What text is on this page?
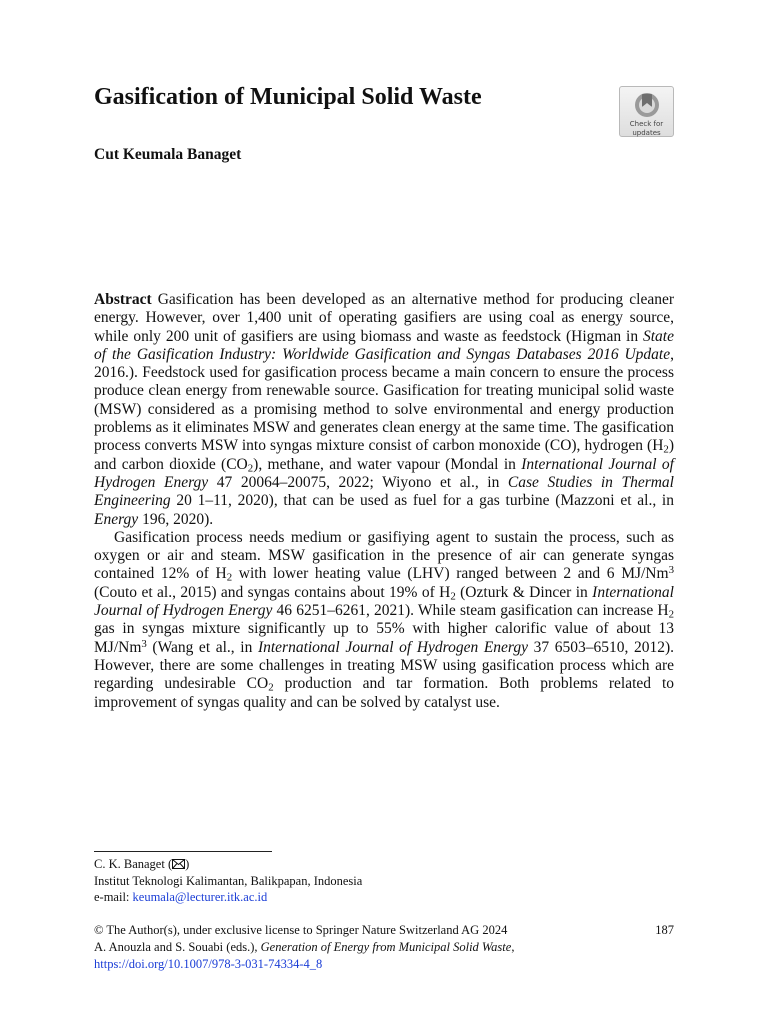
Gasification of Municipal Solid Waste
Check for
updates
Cut Keumala Banaget

Abstract Gasification has been developed as an alternative method for producing cleaner energy. However, over 1,400 unit of operating gasifiers are using coal as energy source, while only 200 unit of gasifiers are using biomass and waste as feedstock (Higman in State of the Gasification Industry: Worldwide Gasification and Syngas Databases 2016 Update, 2016.). Feedstock used for gasification process became a main concern to ensure the process produce clean energy from renewable source. Gasification for treating municipal solid waste (MSW) considered as a promising method to solve environmental and energy production problems as it eliminates MSW and generates clean energy at the same time. The gasification process converts MSW into syngas mixture consist of carbon monoxide (CO), hydrogen $(H_2)$ and carbon dioxide $(CO_2)$, methane, and water vapour (Mondal in International Journal of Hydrogen Energy 47 20064–20075, 2022; Wiyono et al., in Case Studies in Thermal Engineering 20 1–11, 2020), that can be used as fuel for a gas turbine (Mazzoni et al., in Energy 196, 2020).

Gasification process needs medium or gasifiying agent to sustain the process, such as oxygen or air and steam. MSW gasification in the presence of air can generate syngas contained 12% of $H_2$ with lower heating value (LHV) ranged between 2 and 6 MJ/Nm$^3$ (Couto et al., 2015) and syngas contains about 19% of $H_2$ (Ozturk & Dincer in International Journal of Hydrogen Energy 46 6251–6261, 2021). While steam gasification can increase $H_2$ gas in syngas mixture significantly up to 55% with higher calorific value of about 13 MJ/Nm$^3$ (Wang et al., in International Journal of Hydrogen Energy 37 6503–6510, 2012). However, there are some challenges in treating MSW using gasification process which are regarding undesirable $CO_2$ production and tar formation. Both problems related to improvement of syngas quality and can be solved by catalyst use.

C. K. Banaget ( )
Institut Teknologi Kalimantan, Balikpapan, Indonesia
e-mail: keumala@lecturer.itk.ac.id
© The Author(s), under exclusive license to Springer Nature Switzerland AG 2024	187
A. Anouzla and S. Souabi (eds.), Generation of Energy from Municipal Solid Waste,
https://doi.org/10.1007/978-3-031-74334-4_8
